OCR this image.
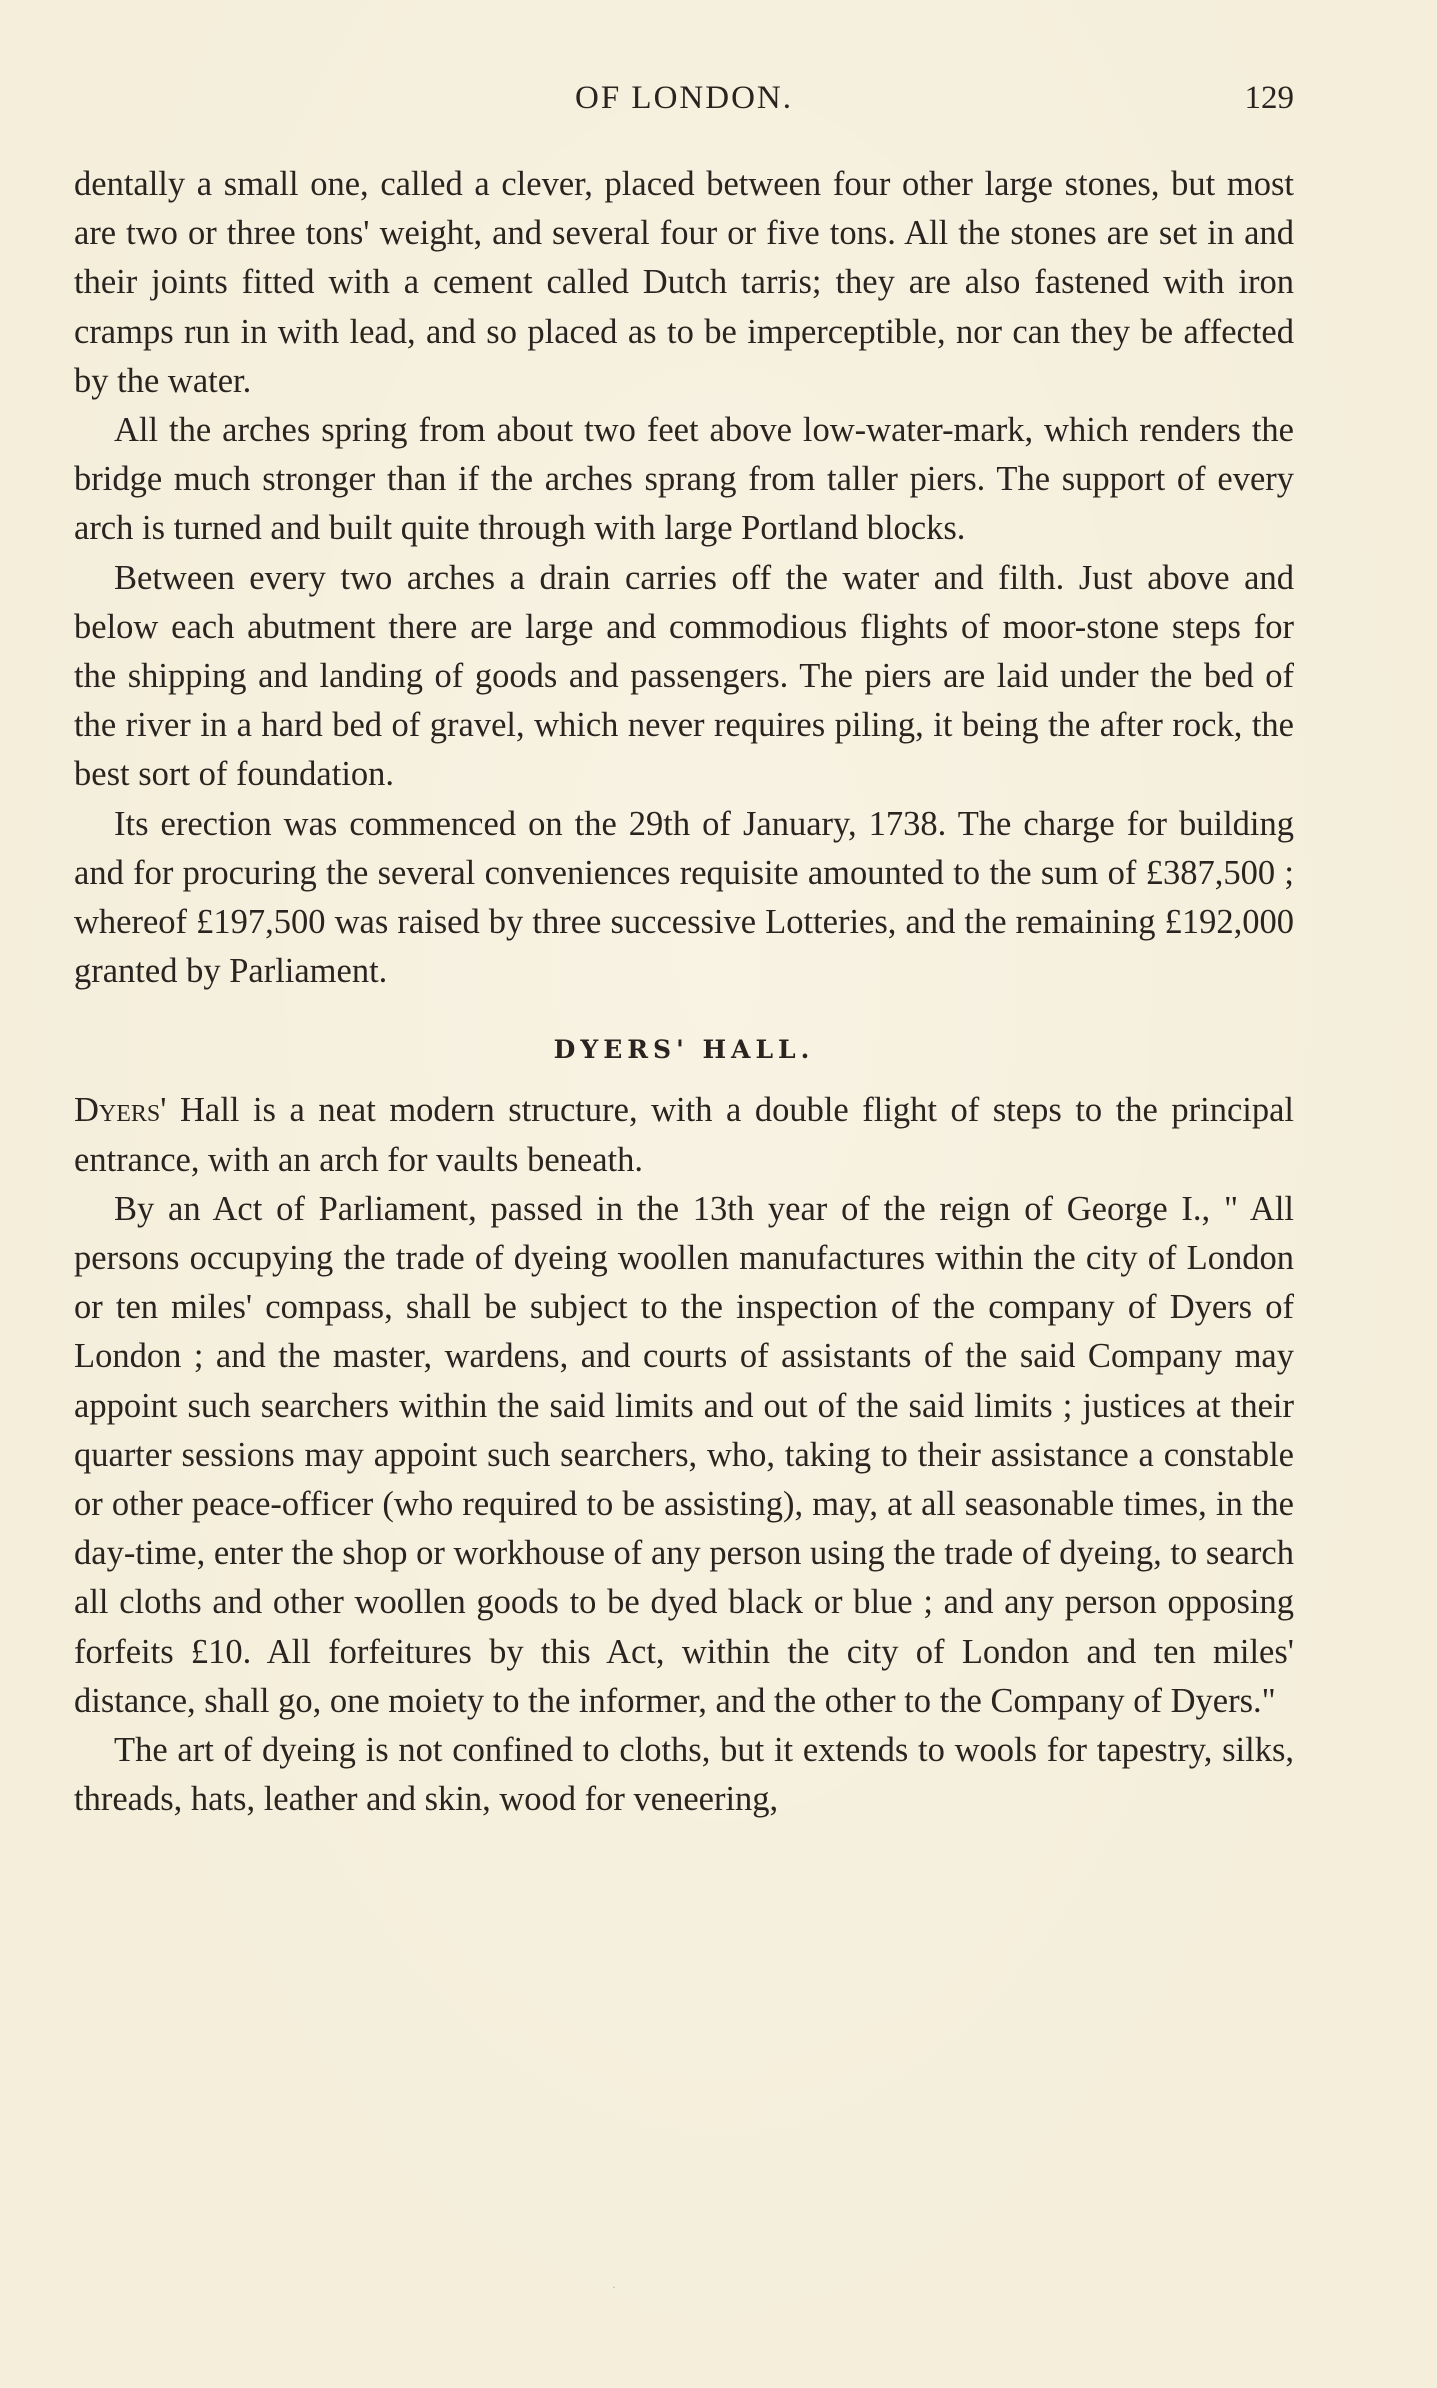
OF LONDON.	129

dentally a small one, called a clever, placed between four other large stones, but most are two or three tons' weight, and several four or five tons. All the stones are set in and their joints fitted with a cement called Dutch tarris; they are also fastened with iron cramps run in with lead, and so placed as to be imperceptible, nor can they be affected by the water.

All the arches spring from about two feet above low-water-mark, which renders the bridge much stronger than if the arches sprang from taller piers. The support of every arch is turned and built quite through with large Portland blocks.

Between every two arches a drain carries off the water and filth. Just above and below each abutment there are large and commodious flights of moor-stone steps for the shipping and landing of goods and passengers. The piers are laid under the bed of the river in a hard bed of gravel, which never requires piling, it being the after rock, the best sort of foundation.

Its erection was commenced on the 29th of January, 1738. The charge for building and for procuring the several conveniences requisite amounted to the sum of £387,500 ; whereof £197,500 was raised by three successive Lotteries, and the remaining £192,000 granted by Parliament.

DYERS' HALL.

Dyers' Hall is a neat modern structure, with a double flight of steps to the principal entrance, with an arch for vaults beneath.

By an Act of Parliament, passed in the 13th year of the reign of George I., " All persons occupying the trade of dyeing woollen manufactures within the city of London or ten miles' compass, shall be subject to the inspection of the company of Dyers of London ; and the master, wardens, and courts of assistants of the said Company may appoint such searchers within the said limits and out of the said limits ; justices at their quarter sessions may appoint such searchers, who, taking to their assistance a constable or other peace-officer (who required to be assisting), may, at all seasonable times, in the day-time, enter the shop or workhouse of any person using the trade of dyeing, to search all cloths and other woollen goods to be dyed black or blue ; and any person opposing forfeits £10. All forfeitures by this Act, within the city of London and ten miles' distance, shall go, one moiety to the informer, and the other to the Company of Dyers."

The art of dyeing is not confined to cloths, but it extends to wools for tapestry, silks, threads, hats, leather and skin, wood for veneering,

·
